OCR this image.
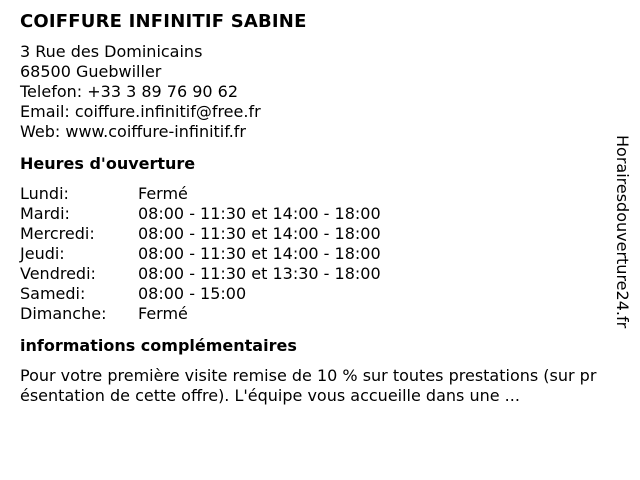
COIFFURE INFINITIF SABINE
3 Rue des Dominicains
68500 Guebwiller
Telefon: +33 3 89 76 90 62
Email: coiffure.infinitif@free.fr
Web: www.coiffure-infinitif.fr
Heures d'ouverture
Lundi:	Fermé
Mardi:	08:00 - 11:30 et 14:00 - 18:00
Mercredi:	08:00 - 11:30 et 14:00 - 18:00
Jeudi:	08:00 - 11:30 et 14:00 - 18:00
Vendredi:	08:00 - 11:30 et 13:30 - 18:00
Samedi:	08:00 - 15:00
Dimanche: Fermé
informations complémentaires
Pour votre première visite remise de 10 % sur toutes prestations (sur présentation de cette offre). L'équipe vous accueille dans une ...
Horairesdouverture24.fr
